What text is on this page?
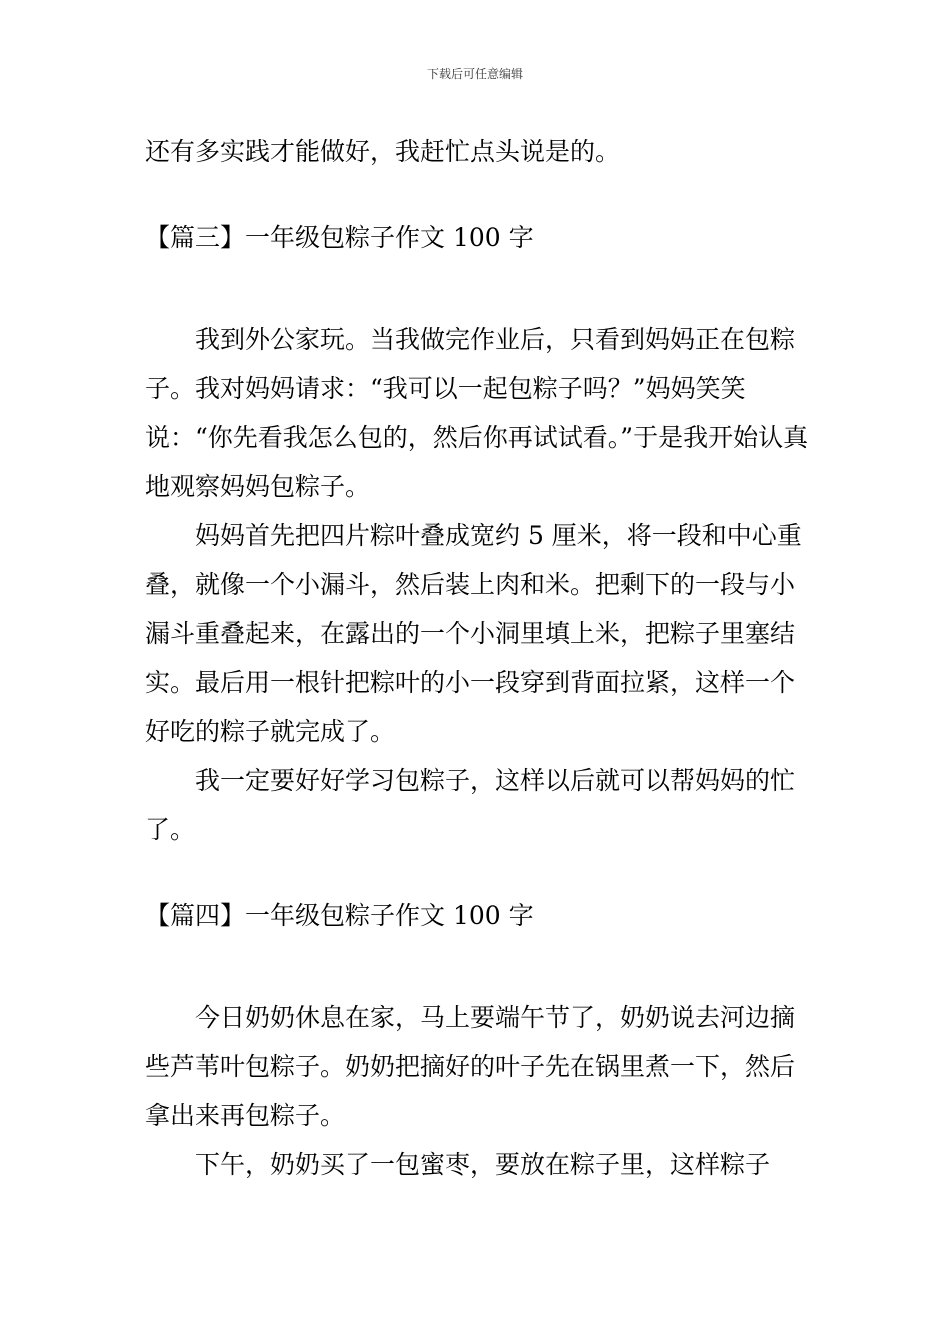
下载后可任意编辑

还有多实践才能做好，我赶忙点头说是的。

【篇三】一年级包粽子作文 100 字

我到外公家玩。当我做完作业后，只看到妈妈正在包粽子。我对妈妈请求：“我可以一起包粽子吗？”妈妈笑笑说：“你先看我怎么包的，然后你再试试看。”于是我开始认真地观察妈妈包粽子。

妈妈首先把四片粽叶叠成宽约 5 厘米，将一段和中心重叠，就像一个小漏斗，然后装上肉和米。把剩下的一段与小漏斗重叠起来，在露出的一个小洞里填上米，把粽子里塞结实。最后用一根针把粽叶的小一段穿到背面拉紧，这样一个好吃的粽子就完成了。

我一定要好好学习包粽子，这样以后就可以帮妈妈的忙了。

【篇四】一年级包粽子作文 100 字

今日奶奶休息在家，马上要端午节了，奶奶说去河边摘些芦苇叶包粽子。奶奶把摘好的叶子先在锅里煮一下，然后拿出来再包粽子。

下午，奶奶买了一包蜜枣，要放在粽子里，这样粽子
